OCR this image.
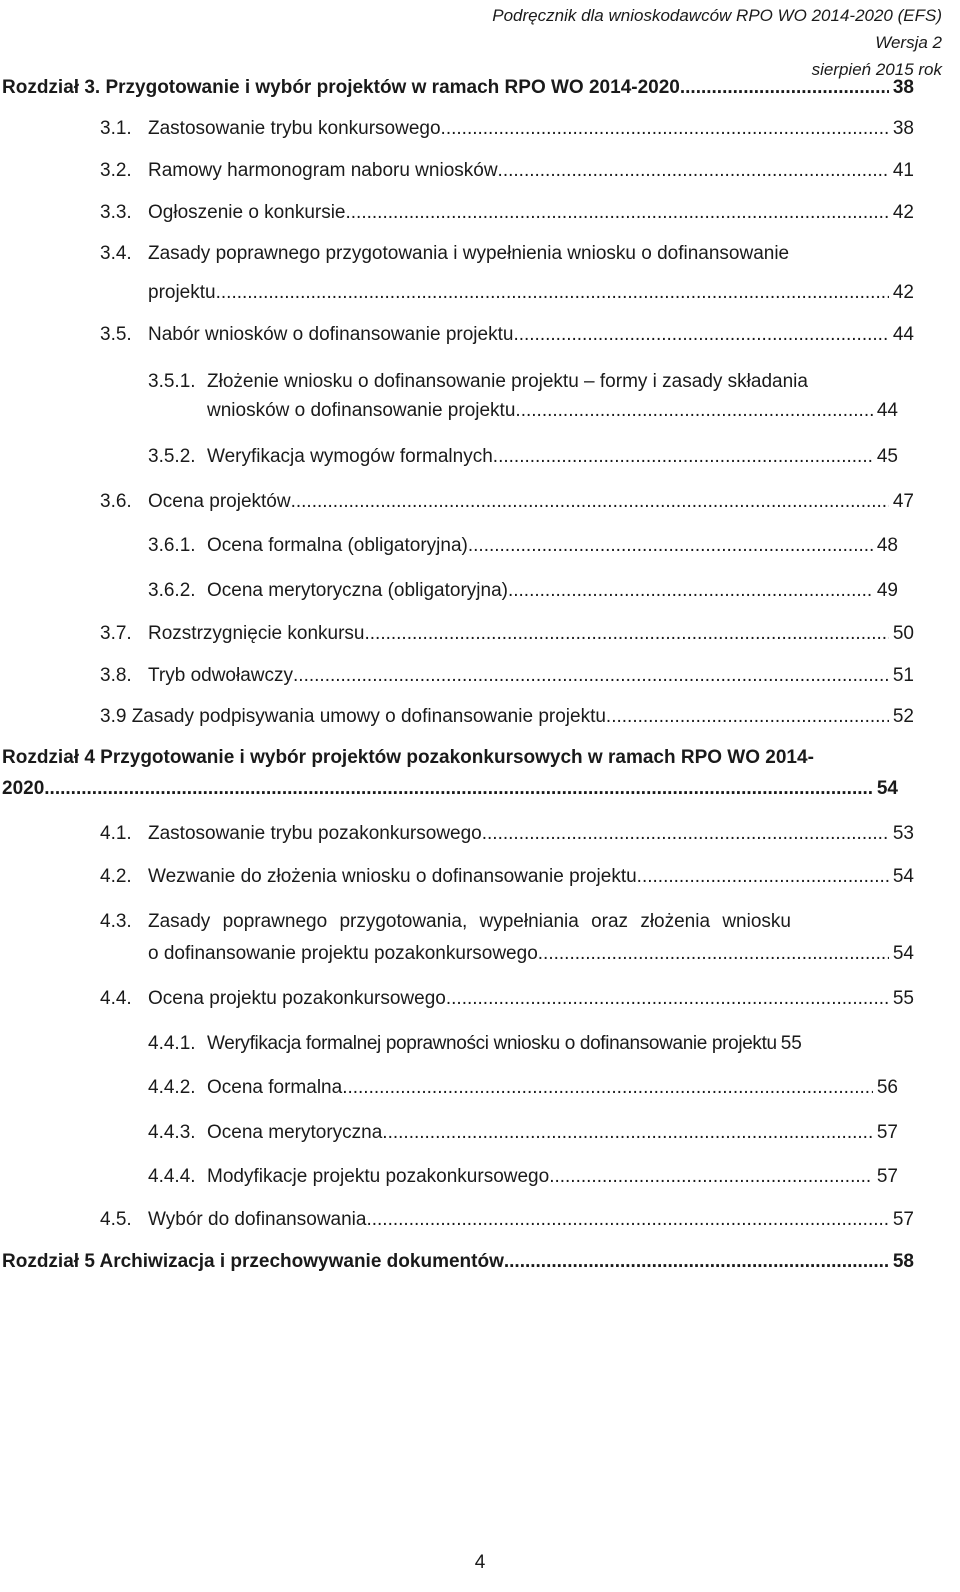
Podręcznik dla wnioskodawców RPO WO 2014-2020 (EFS)
Wersja 2
sierpień 2015 rok
Rozdział 3. Przygotowanie i wybór projektów w ramach RPO WO 2014-2020 .....	38
3.1. Zastosowanie trybu konkursowego .....	38
3.2. Ramowy harmonogram naboru wniosków .....	41
3.3. Ogłoszenie o konkursie .....	42
3.4. Zasady poprawnego przygotowania i wypełnienia wniosku o dofinansowanie
projektu .....	42
3.5. Nabór wniosków o dofinansowanie projektu .....	44
3.5.1. Złożenie wniosku o dofinansowanie projektu – formy i zasady składania
wniosków o dofinansowanie projektu .....	44
3.5.2. Weryfikacja wymogów formalnych .....	45
3.6. Ocena projektów .....	47
3.6.1. Ocena formalna (obligatoryjna) .....	48
3.6.2. Ocena merytoryczna (obligatoryjna) .....	49
3.7. Rozstrzygnięcie konkursu .....	50
3.8. Tryb odwoławczy .....	51
3.9 Zasady podpisywania umowy o dofinansowanie projektu .....	52
Rozdział 4 Przygotowanie i wybór projektów pozakonkursowych w ramach RPO WO 2014-
2020 .....	54
4.1. Zastosowanie trybu pozakonkursowego .....	53
4.2. Wezwanie do złożenia wniosku o dofinansowanie projektu .....	54
4.3. Zasady poprawnego przygotowania, wypełniania oraz złożenia wniosku
o dofinansowanie projektu pozakonkursowego .....	54
4.4. Ocena projektu pozakonkursowego .....	55
4.4.1. Weryfikacja formalnej poprawności wniosku o dofinansowanie projektu 55
4.4.2. Ocena formalna .....	56
4.4.3. Ocena merytoryczna .....	57
4.4.4. Modyfikacje projektu pozakonkursowego .....	57
4.5. Wybór do dofinansowania .....	57
Rozdział 5 Archiwizacja i przechowywanie dokumentów .....	58
4
